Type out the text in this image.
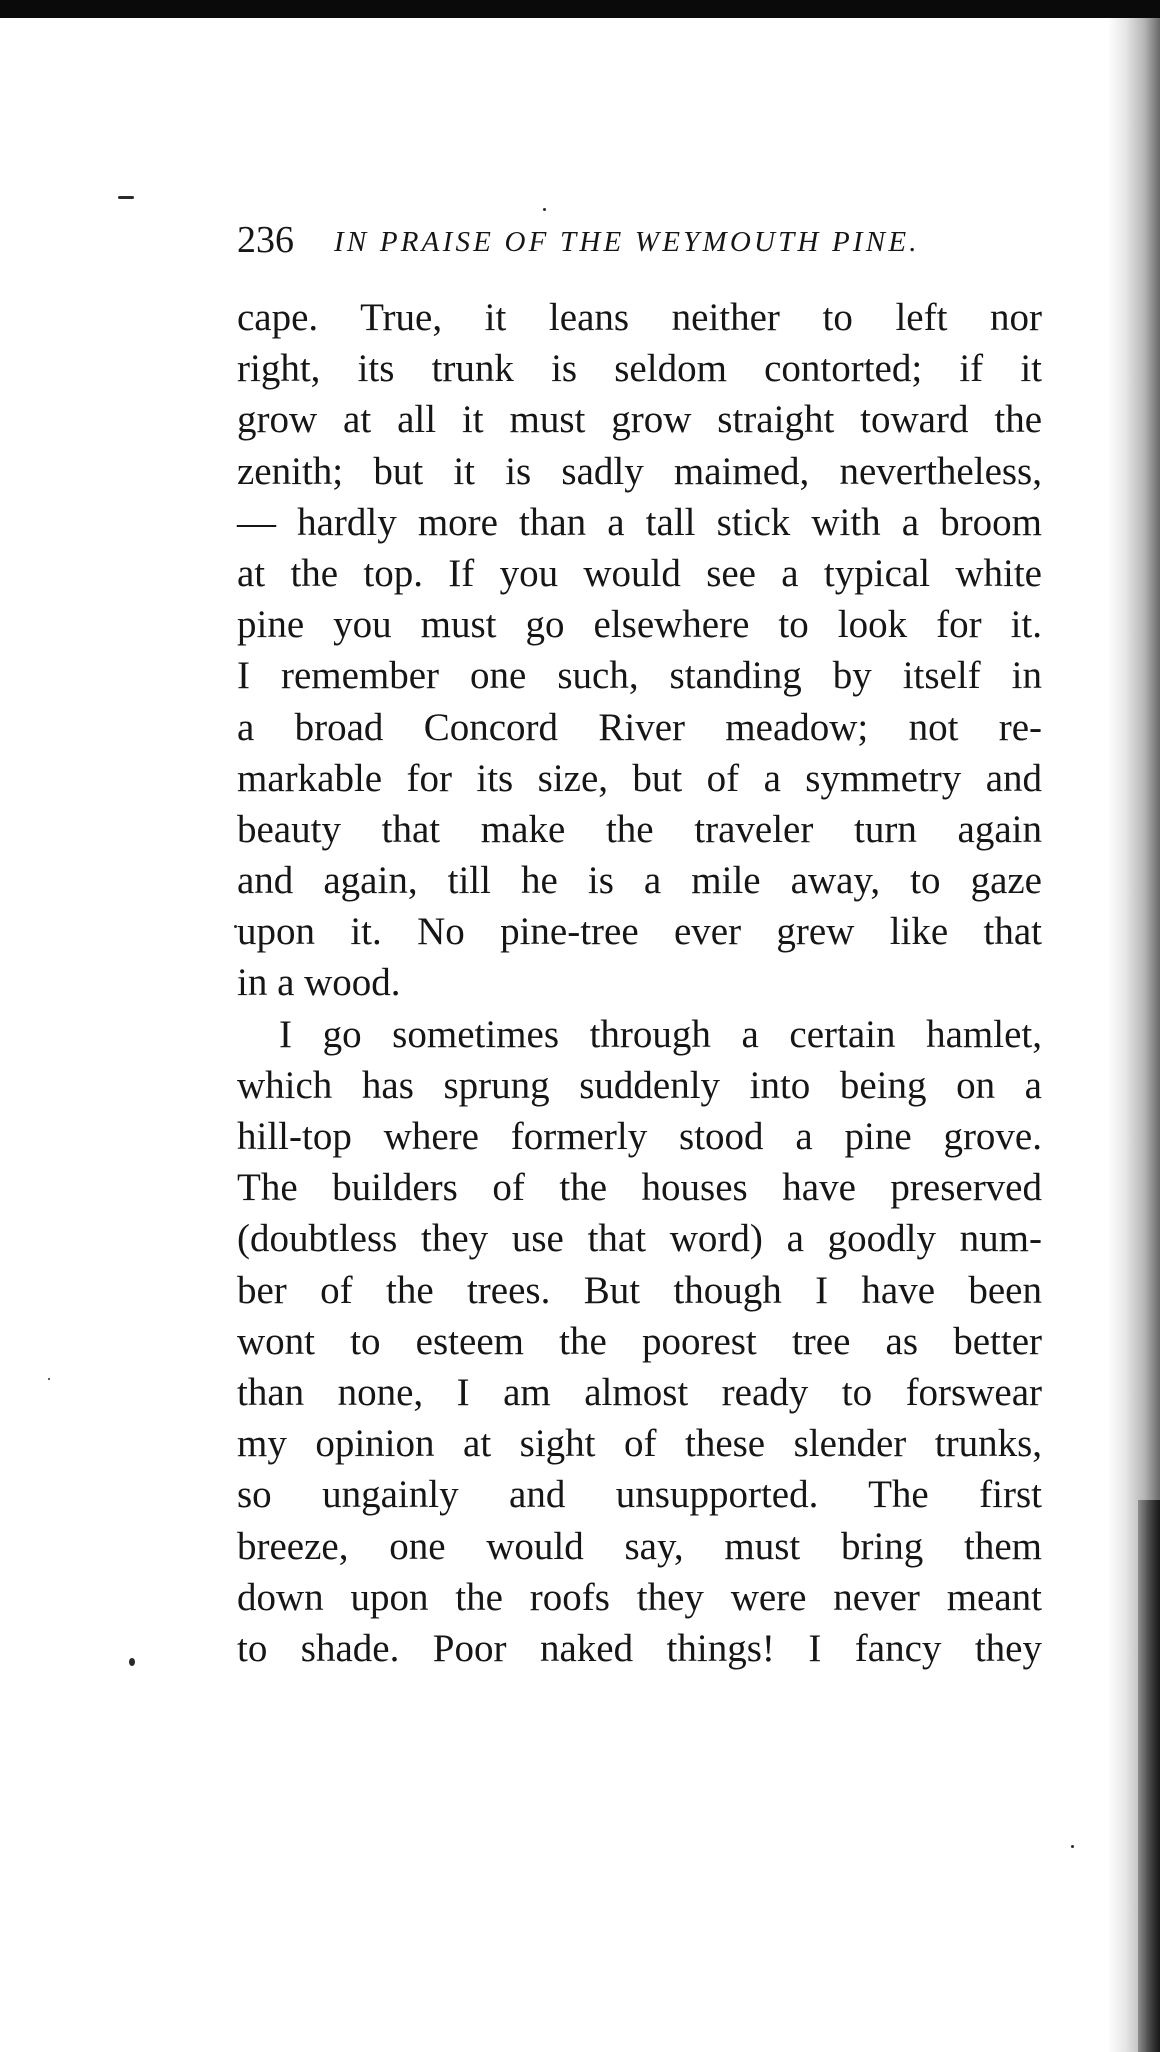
236 IN PRAISE OF THE WEYMOUTH PINE.
cape. True, it leans neither to left nor
right, its trunk is seldom contorted; if it
grow at all it must grow straight toward the
zenith; but it is sadly maimed, nevertheless,
— hardly more than a tall stick with a broom
at the top. If you would see a typical white
pine you must go elsewhere to look for it.
I remember one such, standing by itself in
a broad Concord River meadow; not re-
markable for its size, but of a symmetry and
beauty that make the traveler turn again
and again, till he is a mile away, to gaze
upon it. No pine-tree ever grew like that
in a wood.
I go sometimes through a certain hamlet,
which has sprung suddenly into being on a
hill-top where formerly stood a pine grove.
The builders of the houses have preserved
(doubtless they use that word) a goodly num-
ber of the trees. But though I have been
wont to esteem the poorest tree as better
than none, I am almost ready to forswear
my opinion at sight of these slender trunks,
so ungainly and unsupported. The first
breeze, one would say, must bring them
down upon the roofs they were never meant
to shade. Poor naked things! I fancy they
